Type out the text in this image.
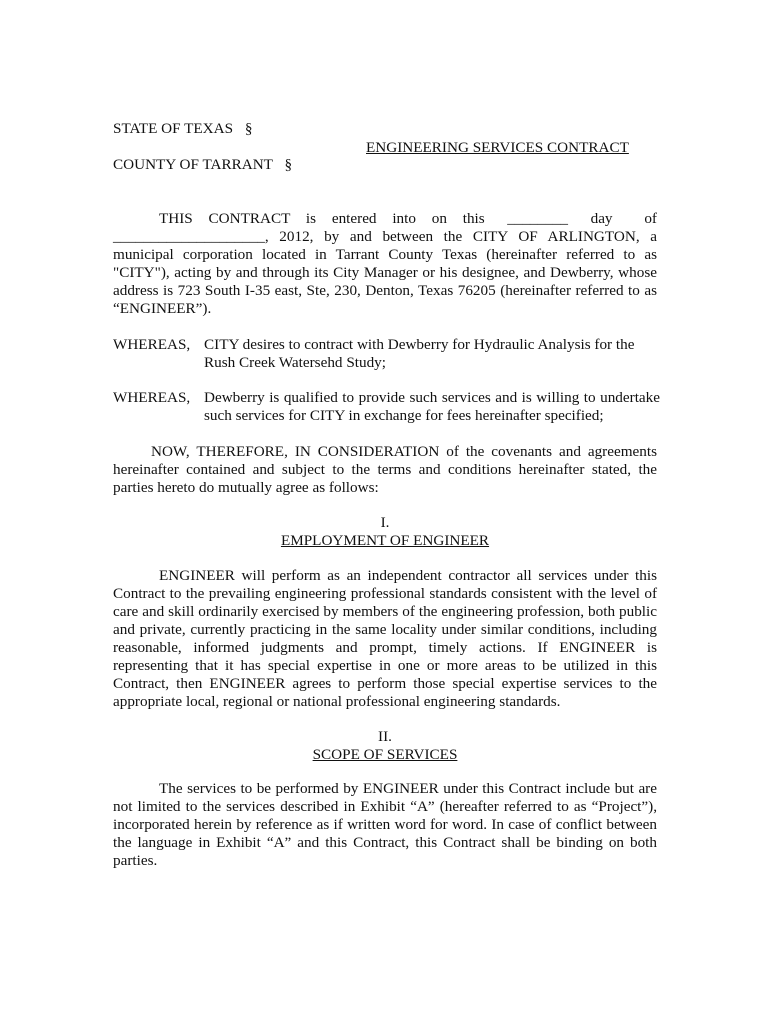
STATE OF TEXAS §
ENGINEERING SERVICES CONTRACT
COUNTY OF TARRANT §
THIS CONTRACT is entered into on this ________ day of

____________________, 2012, by and between the CITY OF ARLINGTON, a municipal corporation located in Tarrant County Texas (hereinafter referred to as "CITY"), acting by and through its City Manager or his designee, and Dewberry, whose address is 723 South I-35 east, Ste, 230, Denton, Texas 76205 (hereinafter referred to as “ENGINEER”).

WHEREAS, CITY desires to contract with Dewberry for Hydraulic Analysis for the Rush Creek Watersehd Study;
WHEREAS, Dewberry is qualified to provide such services and is willing to undertake such services for CITY in exchange for fees hereinafter specified;

NOW, THEREFORE, IN CONSIDERATION of the covenants and agreements hereinafter contained and subject to the terms and conditions hereinafter stated, the parties hereto do mutually agree as follows:

I.
EMPLOYMENT OF ENGINEER

ENGINEER will perform as an independent contractor all services under this Contract to the prevailing engineering professional standards consistent with the level of care and skill ordinarily exercised by members of the engineering profession, both public and private, currently practicing in the same locality under similar conditions, including reasonable, informed judgments and prompt, timely actions. If ENGINEER is representing that it has special expertise in one or more areas to be utilized in this Contract, then ENGINEER agrees to perform those special expertise services to the appropriate local, regional or national professional engineering standards.

II.
SCOPE OF SERVICES

The services to be performed by ENGINEER under this Contract include but are not limited to the services described in Exhibit “A” (hereafter referred to as “Project”), incorporated herein by reference as if written word for word. In case of conflict between the language in Exhibit “A” and this Contract, this Contract shall be binding on both parties.
